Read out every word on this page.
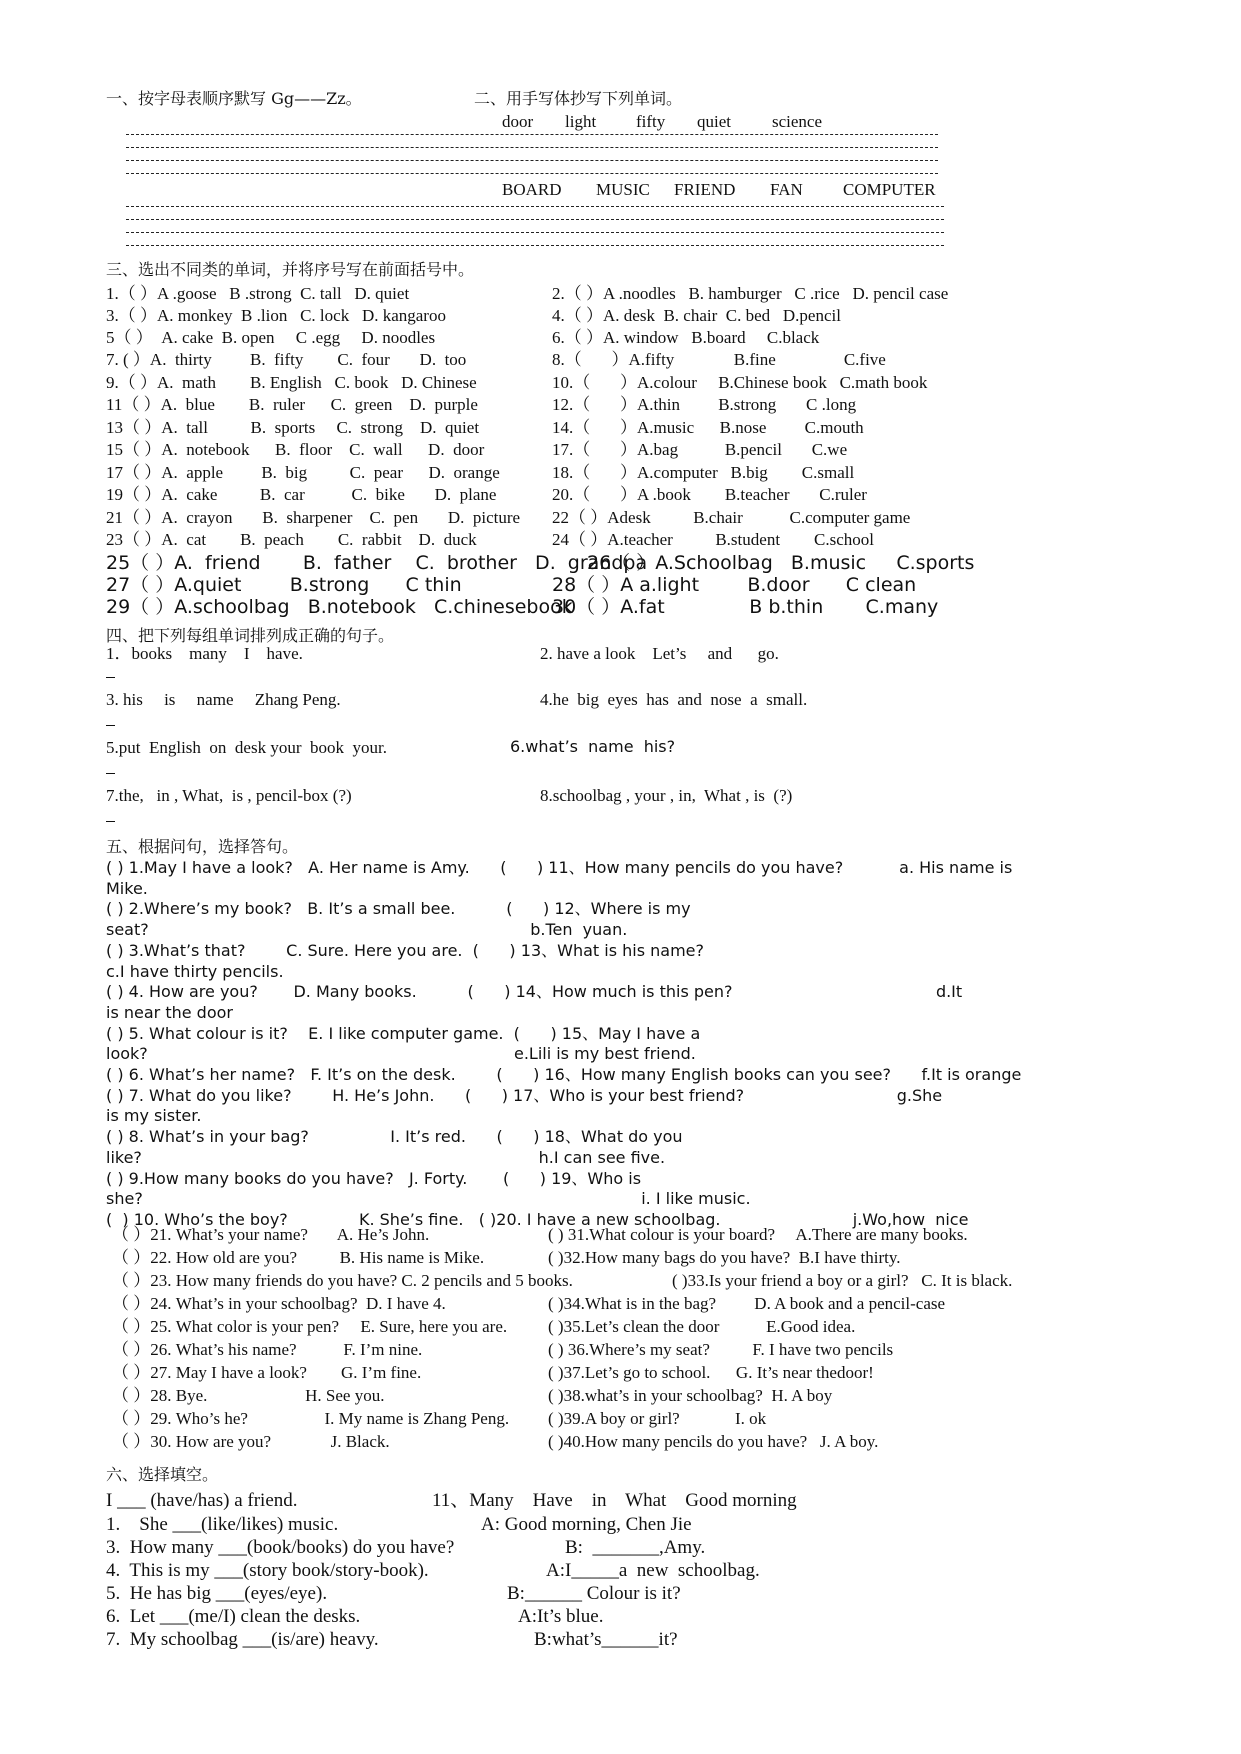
一、按字母表顺序默写 Gg——Zz。	二、用手写体抄写下列单词。
door light fifty quiet science
BOARD MUSIC FRIEND FAN COMPUTER
三、选出不同类的单词，并将序号写在前面括号中。
1.（ ）A .goose   B .strong  C. tall   D. quiet	2.（ ）A .noodles   B. hamburger   C .rice   D. pencil case
3.（ ）A. monkey  B .lion   C. lock   D. kangaroo	4.（ ）A. desk  B. chair  C. bed   D.pencil
5（ ）  A. cake  B. open     C .egg     D. noodles	6.（ ）A. window   B.board     C.black
7. ( ）A.  thirty         B.  fifty        C.  four       D.  too	8.（       ）A.fifty              B.fine                C.five
9.（ ）A.  math        B. English   C. book   D. Chinese	10.（       ）A.colour     B.Chinese book   C.math book
11（ ）A.  blue        B.  ruler      C.  green    D.  purple	12.（       ）A.thin         B.strong       C .long
13（ ）A.  tall          B.  sports     C.  strong    D.  quiet	14.（       ）A.music      B.nose         C.mouth
15（ ）A.  notebook      B.  floor    C.  wall      D.  door	17.（       ）A.bag           B.pencil       C.we
17（ ）A.  apple         B.  big          C.  pear      D.  orange	18.（       ）A.computer   B.big        C.small
19（ ）A.  cake          B.  car           C.  bike       D.  plane	20.（       ）A .book        B.teacher       C.ruler
21（ ）A.  crayon       B.  sharpener    C.  pen       D.  picture 22（ ）Adesk          B.chair           C.computer game
23（ ）A.  cat        B.  peach        C.  rabbit    D.  duck	24（ ）A.teacher          B.student        C.school
25（ ）A.  friend       B.  father    C.  brother   D.  grandpa
26（ ）A.Schoolbag   B.music     C.sports
27（ ）A.quiet        B.strong      C thin	28（ ）A a.light        B.door      C clean
29（ ）A.schoolbag   B.notebook   C.chinesebook
30（ ）A.fat              B b.thin       C.many
四、把下列每组单词排列成正确的句子。
1．books    many    I    have.	2. have a look    Let’s     and      go.
3. his     is     name     Zhang Peng.	4.he  big  eyes  has  and  nose  a  small.
5.put  English  on  desk your  book  your.	6.what’s  name  his?
7.the,   in , What,  is , pencil-box (?)	8.schoolbag , your , in,  What , is  (?)
五、根据问句，选择答句。
( ) 1.May I have a look?   A. Her name is Amy.      (      ) 11、How many pencils do you have?           a. His name is
Mike.
( ) 2.Where’s my book?   B. It’s a small bee.          (      ) 12、Where is my
seat?                                                                           b.Ten  yuan.
( ) 3.What’s that?        C. Sure. Here you are.  (      ) 13、What is his name?
c.I have thirty pencils.
( ) 4. How are you?       D. Many books.          (      ) 14、How much is this pen?                                        d.It
is near the door
( ) 5. What colour is it?    E. I like computer game.  (      ) 15、May I have a
look?                                                                        e.Lili is my best friend.
( ) 6. What’s her name?   F. It’s on the desk.        (      ) 16、How many English books can you see?      f.It is orange
( ) 7. What do you like?        H. He’s John.      (      ) 17、Who is your best friend?                              g.She
is my sister.
( ) 8. What’s in your bag?                I. It’s red.      (      ) 18、What do you
like?                                                                              h.I can see five.
( ) 9.How many books do you have?   J. Forty.       (      ) 19、Who is
she?                                                                                                  i. I like music.
(  ) 10. Who’s the boy?              K. She’s fine.   ( )20. I have a new schoolbag.                          j.Wo,how  nice
（ ）21. What’s your name?       A. He’s John.	( ) 31.What colour is your board?     A.There are many books.
（ ）22. How old are you?          B. His name is Mike.	( )32.How many bags do you have?  B.I have thirty.
（ ）23. How many friends do you have? C. 2 pencils and 5 books.	( )33.Is your friend a boy or a girl?   C. It is black.
（ ）24. What’s in your schoolbag?  D. I have 4.	( )34.What is in the bag?         D. A book and a pencil-case
（ ）25. What color is your pen?     E. Sure, here you are. ( )35.Let’s clean the door           E.Good idea.
（ ）26. What’s his name?           F. I’m nine.	( ) 36.Where’s my seat?          F. I have two pencils
（ ）27. May I have a look?        G. I’m fine.	( )37.Let’s go to school.      G. It’s near thedoor!
（ ）28. Bye.                       H. See you.	( )38.what’s in your schoolbag?  H. A boy
（ ）29. Who’s he?                  I. My name is Zhang Peng. ( )39.A boy or girl?             I. ok
（ ）30. How are you?              J. Black.	( )40.How many pencils do you have?   J. A boy.
六、选择填空。
I ___ (have/has) a friend.	11、Many    Have    in    What    Good morning
1.    She ___(like/likes) music.	A: Good morning, Chen Jie
3.  How many ___(book/books) do you have?	B:  _______,Amy.
4.  This is my ___(story book/story-book).	A:I_____a  new  schoolbag.
5.  He has big ___(eyes/eye).	B:______ Colour is it?
6.  Let ___(me/I) clean the desks.	A:It’s blue.
7.  My schoolbag ___(is/are) heavy.	B:what’s______it?
